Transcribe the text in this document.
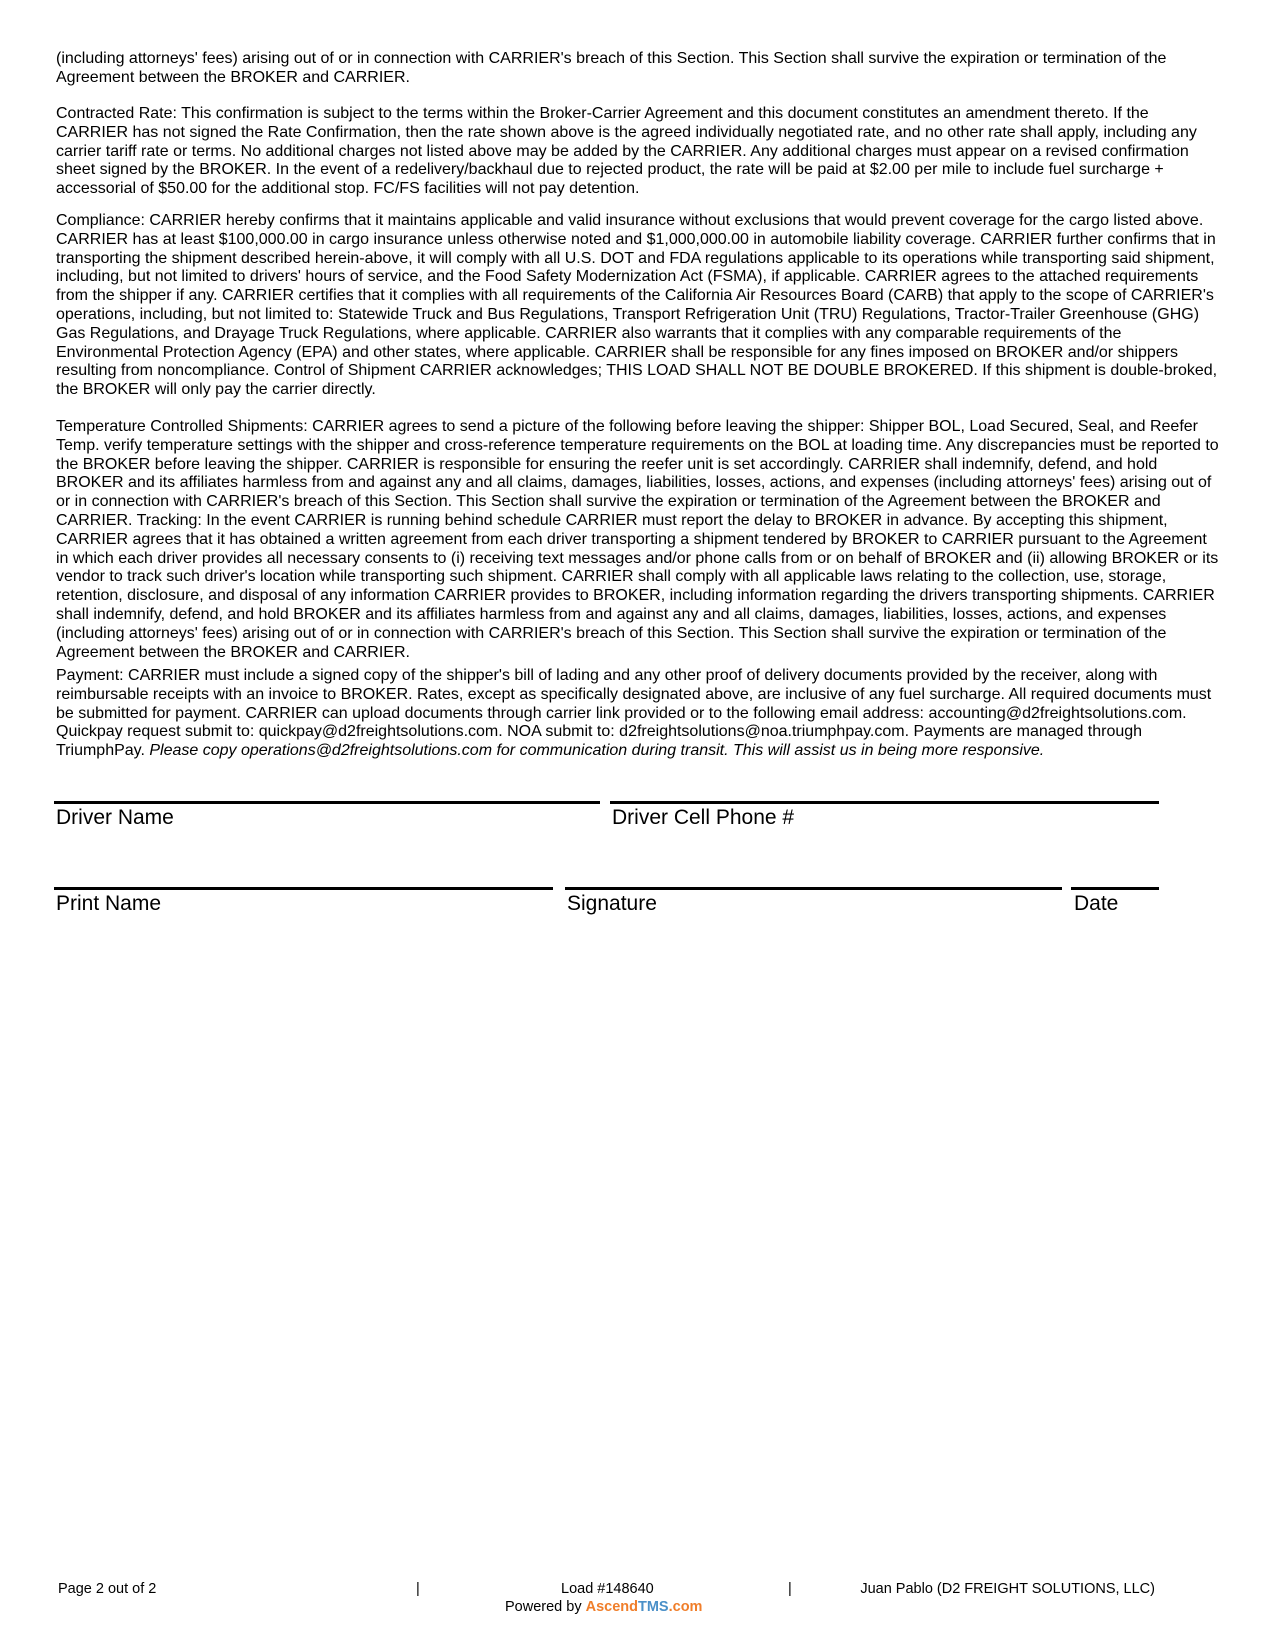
(including attorneys' fees) arising out of or in connection with CARRIER's breach of this Section. This Section shall survive the expiration or termination of the Agreement between the BROKER and CARRIER.

Contracted Rate: This confirmation is subject to the terms within the Broker-Carrier Agreement and this document constitutes an amendment thereto. If the CARRIER has not signed the Rate Confirmation, then the rate shown above is the agreed individually negotiated rate, and no other rate shall apply, including any carrier tariff rate or terms. No additional charges not listed above may be added by the CARRIER. Any additional charges must appear on a revised confirmation sheet signed by the BROKER. In the event of a redelivery/backhaul due to rejected product, the rate will be paid at $2.00 per mile to include fuel surcharge + accessorial of $50.00 for the additional stop. FC/FS facilities will not pay detention.

Compliance: CARRIER hereby confirms that it maintains applicable and valid insurance without exclusions that would prevent coverage for the cargo listed above. CARRIER has at least $100,000.00 in cargo insurance unless otherwise noted and $1,000,000.00 in automobile liability coverage. CARRIER further confirms that in transporting the shipment described herein-above, it will comply with all U.S. DOT and FDA regulations applicable to its operations while transporting said shipment, including, but not limited to drivers' hours of service, and the Food Safety Modernization Act (FSMA), if applicable. CARRIER agrees to the attached requirements from the shipper if any. CARRIER certifies that it complies with all requirements of the California Air Resources Board (CARB) that apply to the scope of CARRIER's operations, including, but not limited to: Statewide Truck and Bus Regulations, Transport Refrigeration Unit (TRU) Regulations, Tractor-Trailer Greenhouse (GHG) Gas Regulations, and Drayage Truck Regulations, where applicable. CARRIER also warrants that it complies with any comparable requirements of the Environmental Protection Agency (EPA) and other states, where applicable. CARRIER shall be responsible for any fines imposed on BROKER and/or shippers resulting from noncompliance. Control of Shipment CARRIER acknowledges; THIS LOAD SHALL NOT BE DOUBLE BROKERED. If this shipment is double-broked, the BROKER will only pay the carrier directly.

Temperature Controlled Shipments: CARRIER agrees to send a picture of the following before leaving the shipper: Shipper BOL, Load Secured, Seal, and Reefer Temp. verify temperature settings with the shipper and cross-reference temperature requirements on the BOL at loading time. Any discrepancies must be reported to the BROKER before leaving the shipper. CARRIER is responsible for ensuring the reefer unit is set accordingly. CARRIER shall indemnify, defend, and hold BROKER and its affiliates harmless from and against any and all claims, damages, liabilities, losses, actions, and expenses (including attorneys' fees) arising out of or in connection with CARRIER's breach of this Section. This Section shall survive the expiration or termination of the Agreement between the BROKER and CARRIER. Tracking: In the event CARRIER is running behind schedule CARRIER must report the delay to BROKER in advance. By accepting this shipment, CARRIER agrees that it has obtained a written agreement from each driver transporting a shipment tendered by BROKER to CARRIER pursuant to the Agreement in which each driver provides all necessary consents to (i) receiving text messages and/or phone calls from or on behalf of BROKER and (ii) allowing BROKER or its vendor to track such driver's location while transporting such shipment. CARRIER shall comply with all applicable laws relating to the collection, use, storage, retention, disclosure, and disposal of any information CARRIER provides to BROKER, including information regarding the drivers transporting shipments. CARRIER shall indemnify, defend, and hold BROKER and its affiliates harmless from and against any and all claims, damages, liabilities, losses, actions, and expenses (including attorneys' fees) arising out of or in connection with CARRIER's breach of this Section. This Section shall survive the expiration or termination of the Agreement between the BROKER and CARRIER.

Payment: CARRIER must include a signed copy of the shipper's bill of lading and any other proof of delivery documents provided by the receiver, along with reimbursable receipts with an invoice to BROKER. Rates, except as specifically designated above, are inclusive of any fuel surcharge. All required documents must be submitted for payment. CARRIER can upload documents through carrier link provided or to the following email address: accounting@d2freightsolutions.com. Quickpay request submit to: quickpay@d2freightsolutions.com. NOA submit to: d2freightsolutions@noa.triumphpay.com. Payments are managed through TriumphPay. Please copy operations@d2freightsolutions.com for communication during transit. This will assist us in being more responsive.

Driver Name	Driver Cell Phone #
Print Name	Signature	Date
Page 2 out of 2	|	Load #148640	|	Juan Pablo (D2 FREIGHT SOLUTIONS, LLC)
Powered by AscendTMS.com
